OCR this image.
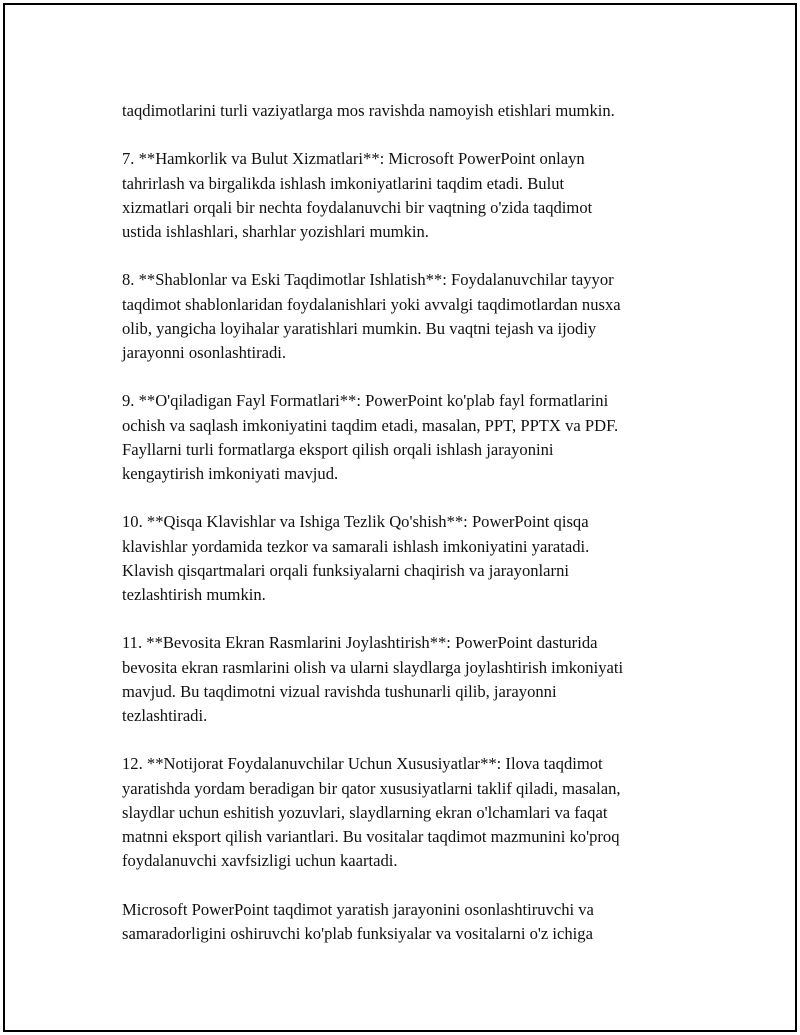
taqdimotlarini turli vaziyatlarga mos ravishda namoyish etishlari mumkin.

7. **Hamkorlik va Bulut Xizmatlari**: Microsoft PowerPoint onlayn
tahrirlash va birgalikda ishlash imkoniyatlarini taqdim etadi. Bulut
xizmatlari orqali bir nechta foydalanuvchi bir vaqtning o'zida taqdimot
ustida ishlashlari, sharhlar yozishlari mumkin.

8. **Shablonlar va Eski Taqdimotlar Ishlatish**: Foydalanuvchilar tayyor
taqdimot shablonlaridan foydalanishlari yoki avvalgi taqdimotlardan nusxa
olib, yangicha loyihalar yaratishlari mumkin. Bu vaqtni tejash va ijodiy
jarayonni osonlashtiradi.

9. **O'qiladigan Fayl Formatlari**: PowerPoint ko'plab fayl formatlarini
ochish va saqlash imkoniyatini taqdim etadi, masalan, PPT, PPTX va PDF.
Fayllarni turli formatlarga eksport qilish orqali ishlash jarayonini
kengaytirish imkoniyati mavjud.

10. **Qisqa Klavishlar va Ishiga Tezlik Qo'shish**: PowerPoint qisqa
klavishlar yordamida tezkor va samarali ishlash imkoniyatini yaratadi.
Klavish qisqartmalari orqali funksiyalarni chaqirish va jarayonlarni
tezlashtirish mumkin.

11. **Bevosita Ekran Rasmlarini Joylashtirish**: PowerPoint dasturida
bevosita ekran rasmlarini olish va ularni slaydlarga joylashtirish imkoniyati
mavjud. Bu taqdimotni vizual ravishda tushunarli qilib, jarayonni
tezlashtiradi.

12. **Notijorat Foydalanuvchilar Uchun Xususiyatlar**: Ilova taqdimot
yaratishda yordam beradigan bir qator xususiyatlarni taklif qiladi, masalan,
slaydlar uchun eshitish yozuvlari, slaydlarning ekran o'lchamlari va faqat
matnni eksport qilish variantlari. Bu vositalar taqdimot mazmunini ko'proq
foydalanuvchi xavfsizligi uchun kaartadi.

Microsoft PowerPoint taqdimot yaratish jarayonini osonlashtiruvchi va
samaradorligini oshiruvchi ko'plab funksiyalar va vositalarni o'z ichiga
